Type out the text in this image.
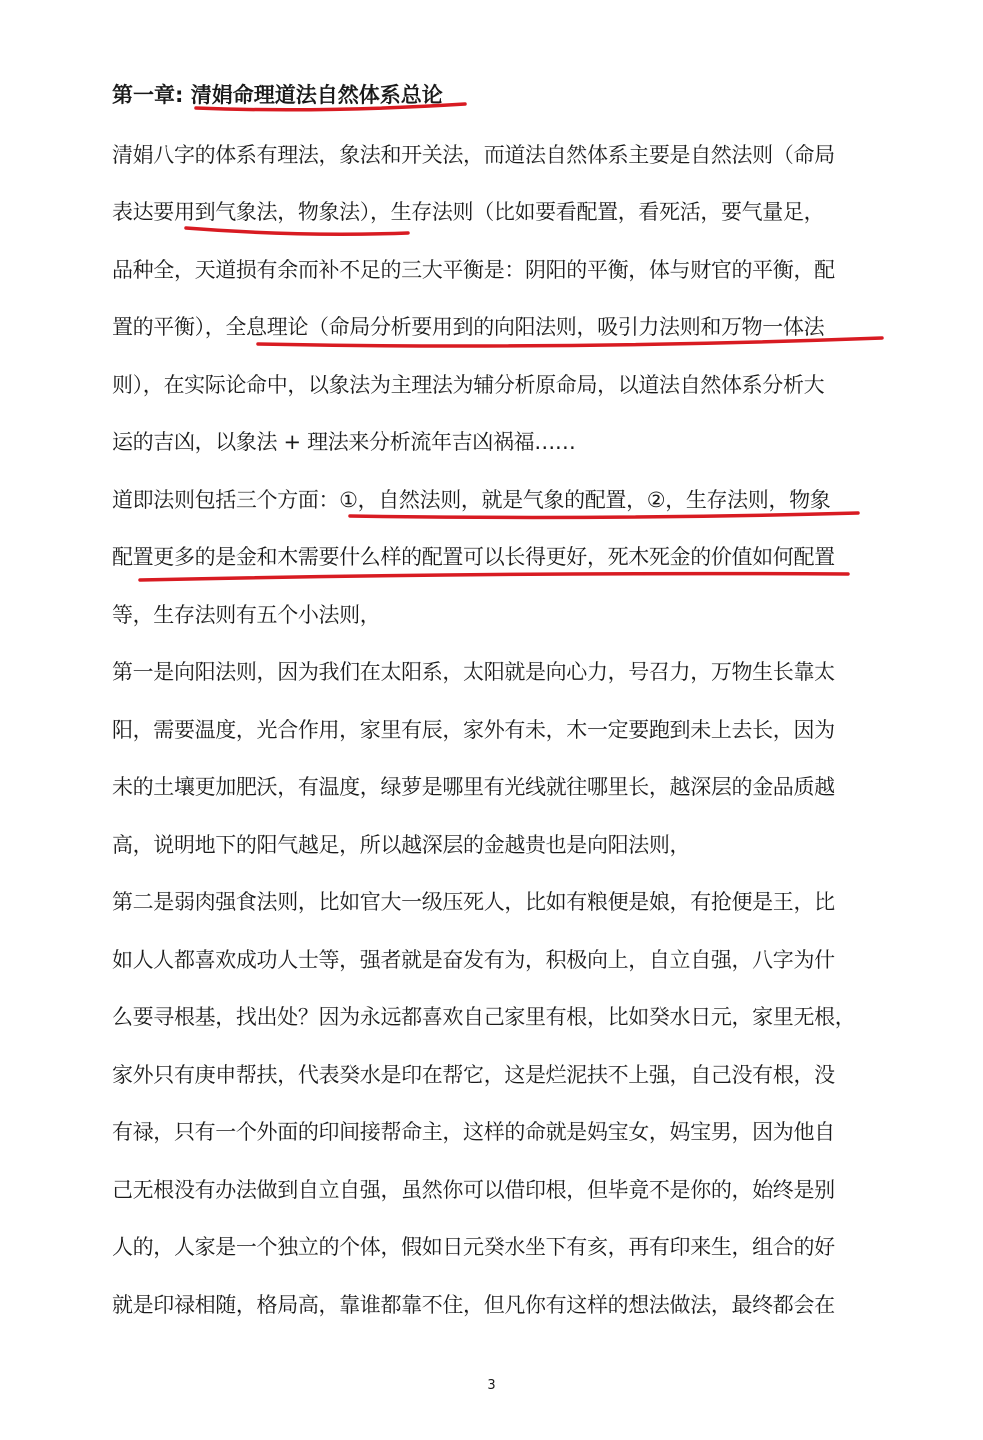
第一章: 清娟命理道法自然体系总论
清娟八字的体系有理法，象法和开关法，而道法自然体系主要是自然法则（命局
表达要用到气象法，物象法），生存法则（比如要看配置，看死活，要气量足，
品种全，天道损有余而补不足的三大平衡是：阴阳的平衡，体与财官的平衡，配
置的平衡），全息理论（命局分析要用到的向阳法则，吸引力法则和万物一体法
则），在实际论命中，以象法为主理法为辅分析原命局，以道法自然体系分析大
运的吉凶，以象法 + 理法来分析流年吉凶祸福……
道即法则包括三个方面：①，自然法则，就是气象的配置，②，生存法则，物象
配置更多的是金和木需要什么样的配置可以长得更好，死木死金的价值如何配置
等，生存法则有五个小法则，
第一是向阳法则，因为我们在太阳系，太阳就是向心力，号召力，万物生长靠太
阳，需要温度，光合作用，家里有辰，家外有未，木一定要跑到未上去长，因为
未的土壤更加肥沃，有温度，绿萝是哪里有光线就往哪里长，越深层的金品质越
高，说明地下的阳气越足，所以越深层的金越贵也是向阳法则，
第二是弱肉强食法则，比如官大一级压死人，比如有粮便是娘，有抢便是王，比
如人人都喜欢成功人士等，强者就是奋发有为，积极向上，自立自强，八字为什
么要寻根基，找出处？因为永远都喜欢自己家里有根，比如癸水日元，家里无根，
家外只有庚申帮扶，代表癸水是印在帮它，这是烂泥扶不上强，自己没有根，没
有禄，只有一个外面的印间接帮命主，这样的命就是妈宝女，妈宝男，因为他自
己无根没有办法做到自立自强，虽然你可以借印根，但毕竟不是你的，始终是别
人的，人家是一个独立的个体，假如日元癸水坐下有亥，再有印来生，组合的好
就是印禄相随，格局高，靠谁都靠不住，但凡你有这样的想法做法，最终都会在
3
